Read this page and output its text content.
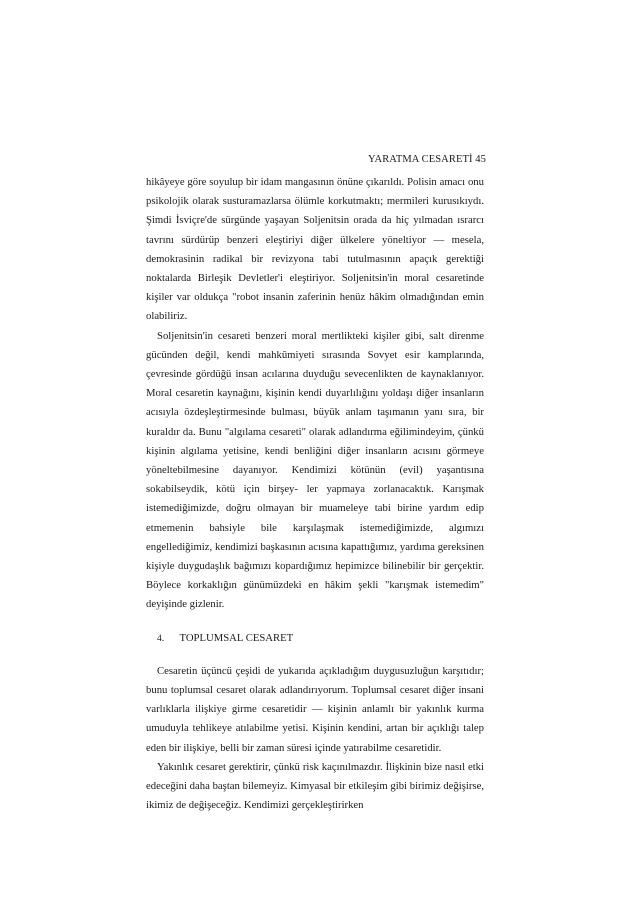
YARATMA CESARETİ 45

hikâyeye göre soyulup bir idam mangasının önüne çıkarıldı. Polisin amacı onu psikolojik olarak susturamazlarsa ölümle korkutmaktı; mermileri kurusıkıydı. Şimdi İsviçre'de sürgünde yaşayan Soljenitsin orada da hiç yılmadan ısrarcı tavrını sürdürüp benzeri eleştiriyi diğer ülkelere yöneltiyor — mesela, demokrasinin radikal bir revizyona tabi tutulmasının apaçık gerektiği noktalarda Birleşik Devletler'i eleştiriyor. Soljenitsin'in moral cesaretinde kişiler var oldukça "robot insanin zaferinin henüz hâkim olmadığından emin olabiliriz.

Soljenitsin'in cesareti benzeri moral mertlikteki kişiler gibi, salt direnme gücünden değil, kendi mahkûmiyeti sırasında Sovyet esir kamplarında, çevresinde gördüğü insan acılarına duyduğu sevecenlikten de kaynaklanıyor. Moral cesaretin kaynağını, kişinin kendi duyarlılığını yoldaşı diğer insanların acısıyla özdeşleştirmesinde bulması, büyük anlam taşımanın yanı sıra, bir kuraldır da. Bunu "algılama cesareti" olarak adlandırma eğilimindeyim, çünkü kişinin algılama yetisine, kendi benliğini diğer insanların acısını görmeye yöneltebilmesine dayanıyor. Kendimizi kötünün (evil) yaşantısına sokabilseydik, kötü için birşey- ler yapmaya zorlanacaktık. Karışmak istemediğimizde, doğru olmayan bir muameleye tabi birine yardım edip etmemenin bahsiyle bile karşılaşmak istemediğimizde, algımızı engellediğimiz, kendimizi başkasının acısına kapattığımız, yardıma gereksinen kişiyle duygudaşlık bağımızı kopardığımız hepimizce bilinebilir bir gerçektir. Böylece korkaklığın günümüzdeki en hâkim şekli "karışmak istemedim" deyişinde gizlenir.

4. TOPLUMSAL CESARET

Cesaretin üçüncü çeşidi de yukarıda açıkladığım duygusuzluğun karşıtıdır; bunu toplumsal cesaret olarak adlandırıyorum. Toplumsal cesaret diğer insani varlıklarla ilişkiye girme cesaretidir — kişinin anlamlı bir yakınlık kurma umuduyla tehlikeye atılabilme yetisi. Kişinin kendini, artan bir açıklığı talep eden bir ilişkiye, belli bir zaman süresi içinde yatırabilme cesaretidir.

Yakınlık cesaret gerektirir, çünkü risk kaçınılmazdır. İlişkinin bize nasıl etki edeceğini daha baştan bilemeyiz. Kimyasal bir etkileşim gibi birimiz değişirse, ikimiz de değişeceğiz. Kendimizi gerçekleştirirken
